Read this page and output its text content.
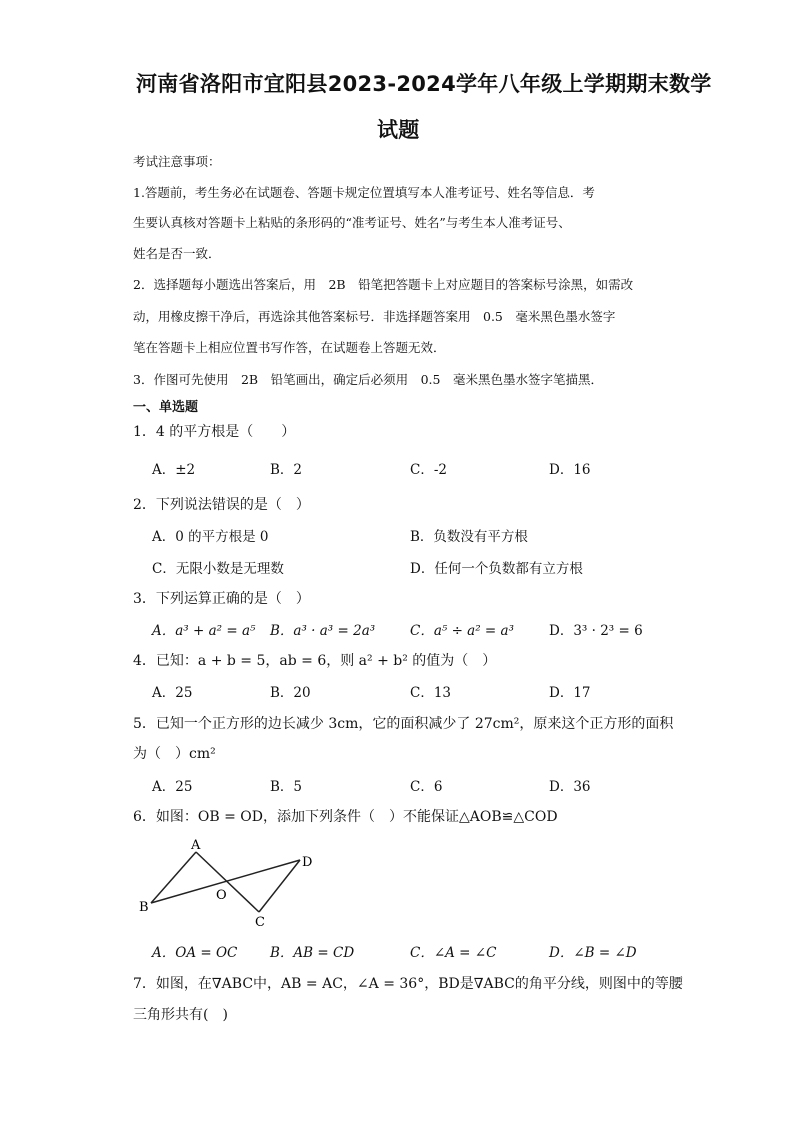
河南省洛阳市宜阳县2023-2024学年八年级上学期期末数学
试题
考试注意事项：
1.答题前，考生务必在试题卷、答题卡规定位置填写本人准考证号、姓名等信息．考
生要认真核对答题卡上粘贴的条形码的“准考证号、姓名”与考生本人准考证号、
姓名是否一致．
2．选择题每小题选出答案后，用　2B　铅笔把答题卡上对应题目的答案标号涂黑，如需改
动，用橡皮擦干净后，再选涂其他答案标号．非选择题答案用　0.5　毫米黑色墨水签字
笔在答题卡上相应位置书写作答，在试题卷上答题无效．
3．作图可先使用　2B　铅笔画出，确定后必须用　0.5　毫米黑色墨水签字笔描黑．
一、单选题
1．4 的平方根是（　　）
A．±2	B．2	C．-2	D．16
2．下列说法错误的是（　）
A．0 的平方根是 0	B．负数没有平方根
C．无限小数是无理数	D．任何一个负数都有立方根
3．下列运算正确的是（　）
A．a³ + a² = a⁵ B．a³ · a³ = 2a³	C．a⁵ ÷ a² = a³	D．3³ · 2³ = 6
4．已知：a + b = 5，ab = 6，则 a² + b² 的值为（　）
A．25	B．20	C．13	D．17
5．已知一个正方形的边长减少 3cm，它的面积减少了 27cm²，原来这个正方形的面积
为（　）cm²
A．25	B．5	C．6	D．36
6．如图：OB = OD，添加下列条件（　）不能保证△AOB≌△COD
A
B
O
C
D
A．OA = OC B．AB = CD	C．∠A = ∠C	D．∠B = ∠D
7．如图，在∇ABC中，AB = AC，∠A = 36°，BD是∇ABC的角平分线，则图中的等腰
三角形共有(　)
